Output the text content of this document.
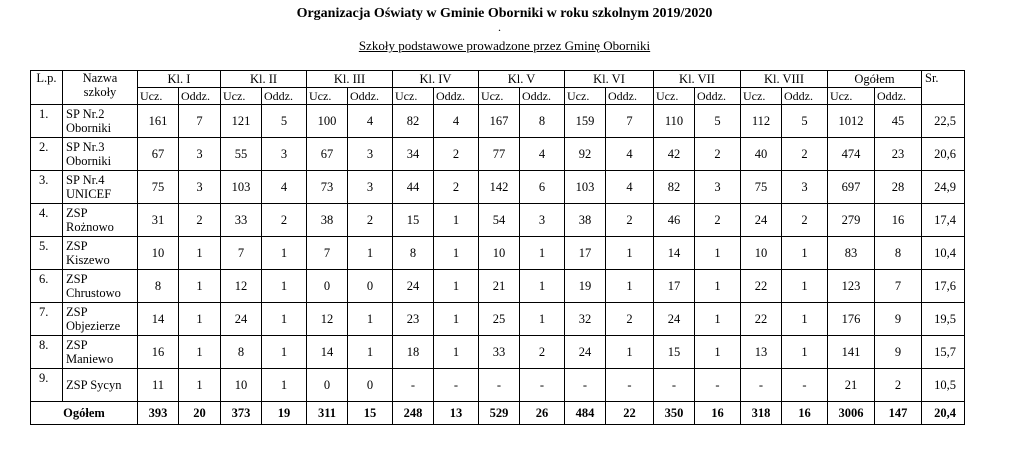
Organizacja Oświaty w Gminie Oborniki w roku szkolnym 2019/2020
.
Szkoły podstawowe prowadzone przez Gminę Oborniki
L.p.	Nazwa
szkoły	Kl. I		Kl. II		Kl. III		Kl. IV		Kl. V		Kl. VI		Kl. VII		Kl. VIII		Ogółem		Sr.
		Ucz.	Oddz.	Ucz.	Oddz.	Ucz.	Oddz.	Ucz.	Oddz.	Ucz.	Oddz.	Ucz.	Oddz.	Ucz.	Oddz.	Ucz.	Oddz.	Ucz.	Oddz.	
1.	SP Nr.2
Oborniki	161	7	121	5	100	4	82	4	167	8	159	7	110	5	112	5	1012	45	22,5
2.	SP Nr.3
Oborniki	67	3	55	3	67	3	34	2	77	4	92	4	42	2	40	2	474	23	20,6
3.	SP Nr.4
UNICEF	75	3	103	4	73	3	44	2	142	6	103	4	82	3	75	3	697	28	24,9
4.	ZSP
Rożnowo	31	2	33	2	38	2	15	1	54	3	38	2	46	2	24	2	279	16	17,4
5.	ZSP
Kiszewo	10	1	7	1	7	1	8	1	10	1	17	1	14	1	10	1	83	8	10,4
6.	ZSP
Chrustowo	8	1	12	1	0	0	24	1	21	1	19	1	17	1	22	1	123	7	17,6
7.	ZSP
Objezierze	14	1	24	1	12	1	23	1	25	1	32	2	24	1	22	1	176	9	19,5
8.	ZSP
Maniewo	16	1	8	1	14	1	18	1	33	2	24	1	15	1	13	1	141	9	15,7
9.	ZSP Sycyn	11	1	10	1	0	0	-	-	-	-	-	-	-	-	-	-	21	2	10,5
Ogółem		393	20	373	19	311	15	248	13	529	26	484	22	350	16	318	16	3006	147	20,4
